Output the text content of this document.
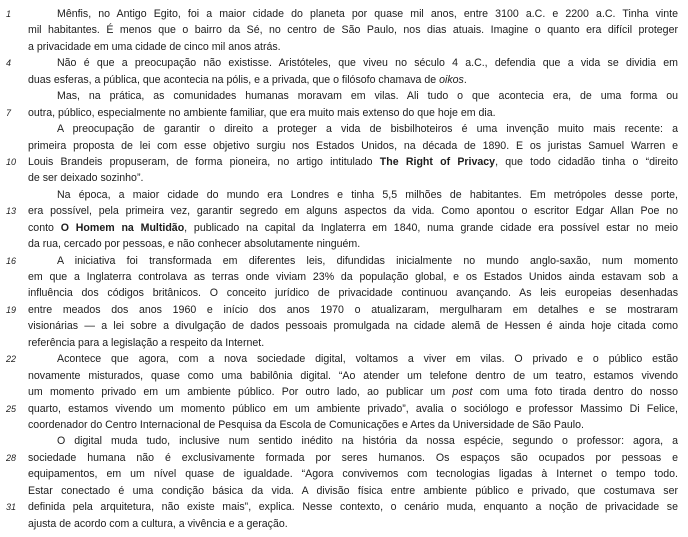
1	Mênfis, no Antigo Egito, foi a maior cidade do planeta por quase mil anos, entre 3100 a.C. e 2200 a.C. Tinha vinte
mil habitantes. É menos que o bairro da Sé, no centro de São Paulo, nos dias atuais. Imagine o quanto era difícil proteger
a privacidade em uma cidade de cinco mil anos atrás.
4	Não é que a preocupação não existisse. Aristóteles, que viveu no século 4 a.C., defendia que a vida se dividia em
duas esferas, a pública, que acontecia na pólis, e a privada, que o filósofo chamava de oikos.
Mas, na prática, as comunidades humanas moravam em vilas. Ali tudo o que acontecia era, de uma forma ou
7	outra, público, especialmente no ambiente familiar, que era muito mais extenso do que hoje em dia.
A preocupação de garantir o direito a proteger a vida de bisbilhoteiros é uma invenção muito mais recente: a
primeira proposta de lei com esse objetivo surgiu nos Estados Unidos, na década de 1890. E os juristas Samuel Warren e
10	Louis Brandeis propuseram, de forma pioneira, no artigo intitulado The Right of Privacy, que todo cidadão tinha o “direito
de ser deixado sozinho”.
Na época, a maior cidade do mundo era Londres e tinha 5,5 milhões de habitantes. Em metrópoles desse porte,
13	era possível, pela primeira vez, garantir segredo em alguns aspectos da vida. Como apontou o escritor Edgar Allan Poe no
conto O Homem na Multidão, publicado na capital da Inglaterra em 1840, numa grande cidade era possível estar no meio
da rua, cercado por pessoas, e não conhecer absolutamente ninguém.
16	A iniciativa foi transformada em diferentes leis, difundidas inicialmente no mundo anglo-saxão, num momento
em que a Inglaterra controlava as terras onde viviam 23% da população global, e os Estados Unidos ainda estavam sob a
influência dos códigos britânicos. O conceito jurídico de privacidade continuou avançando. As leis europeias desenhadas
19	entre meados dos anos 1960 e início dos anos 1970 o atualizaram, mergulharam em detalhes e se mostraram
visionárias — a lei sobre a divulgação de dados pessoais promulgada na cidade alemã de Hessen é ainda hoje citada como
referência para a legislação a respeito da Internet.
22	Acontece que agora, com a nova sociedade digital, voltamos a viver em vilas. O privado e o público estão
novamente misturados, quase como uma babilônia digital. “Ao atender um telefone dentro de um teatro, estamos vivendo
um momento privado em um ambiente público. Por outro lado, ao publicar um post com uma foto tirada dentro do nosso
25	quarto, estamos vivendo um momento público em um ambiente privado”, avalia o sociólogo e professor Massimo Di Felice,
coordenador do Centro Internacional de Pesquisa da Escola de Comunicações e Artes da Universidade de São Paulo.
O digital muda tudo, inclusive num sentido inédito na história da nossa espécie, segundo o professor: agora, a
28	sociedade humana não é exclusivamente formada por seres humanos. Os espaços são ocupados por pessoas e
equipamentos, em um nível quase de igualdade. “Agora convivemos com tecnologias ligadas à Internet o tempo todo.
Estar conectado é uma condição básica da vida. A divisão física entre ambiente público e privado, que costumava ser
31	definida pela arquitetura, não existe mais”, explica. Nesse contexto, o cenário muda, enquanto a noção de privacidade se
ajusta de acordo com a cultura, a vivência e a geração.
